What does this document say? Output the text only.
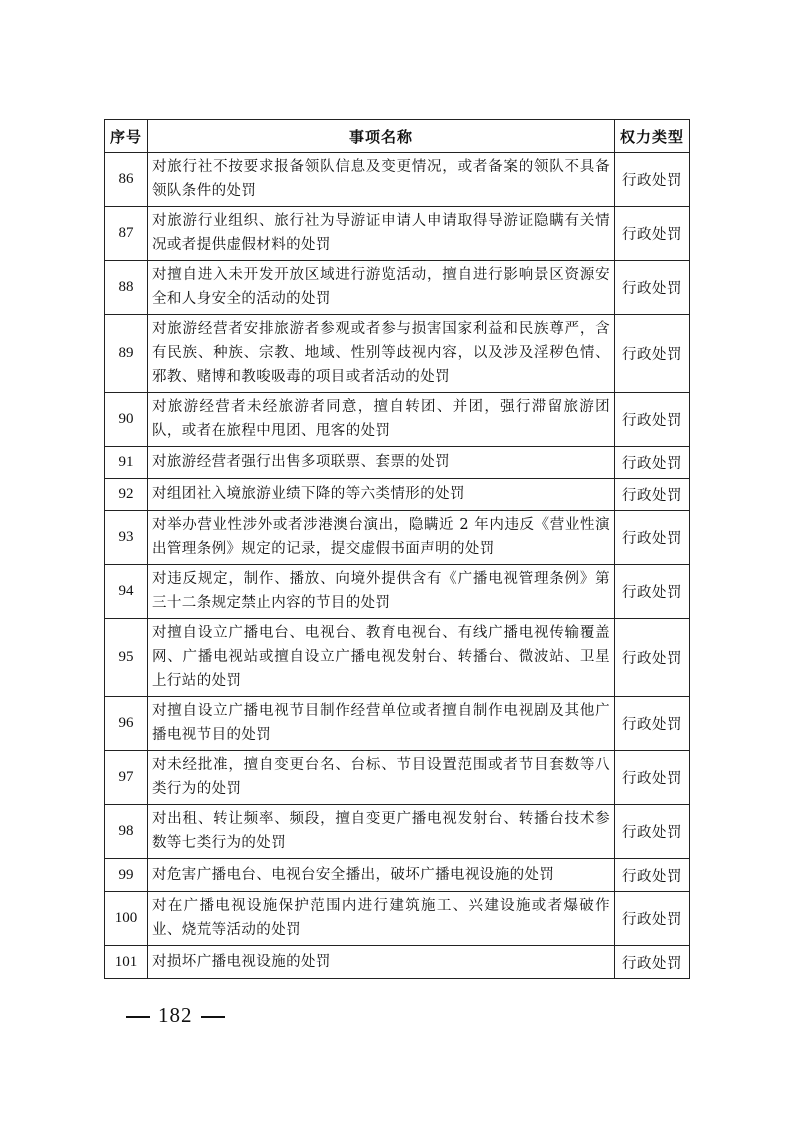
序号	事项名称	权力类型
86	对旅行社不按要求报备领队信息及变更情况，或者备案的领队不具备领队条件的处罚	行政处罚
87	对旅游行业组织、旅行社为导游证申请人申请取得导游证隐瞒有关情况或者提供虚假材料的处罚	行政处罚
88	对擅自进入未开发开放区域进行游览活动，擅自进行影响景区资源安全和人身安全的活动的处罚	行政处罚
89	对旅游经营者安排旅游者参观或者参与损害国家利益和民族尊严，含有民族、种族、宗教、地域、性别等歧视内容，以及涉及淫秽色情、邪教、赌博和教唆吸毒的项目或者活动的处罚	行政处罚
90	对旅游经营者未经旅游者同意，擅自转团、并团，强行滞留旅游团队，或者在旅程中甩团、甩客的处罚	行政处罚
91	对旅游经营者强行出售多项联票、套票的处罚	行政处罚
92	对组团社入境旅游业绩下降的等六类情形的处罚	行政处罚
93	对举办营业性涉外或者涉港澳台演出，隐瞒近 2 年内违反《营业性演出管理条例》规定的记录，提交虚假书面声明的处罚	行政处罚
94	对违反规定，制作、播放、向境外提供含有《广播电视管理条例》第三十二条规定禁止内容的节目的处罚	行政处罚
95	对擅自设立广播电台、电视台、教育电视台、有线广播电视传输覆盖网、广播电视站或擅自设立广播电视发射台、转播台、微波站、卫星上行站的处罚	行政处罚
96	对擅自设立广播电视节目制作经营单位或者擅自制作电视剧及其他广播电视节目的处罚	行政处罚
97	对未经批准，擅自变更台名、台标、节目设置范围或者节目套数等八类行为的处罚	行政处罚
98	对出租、转让频率、频段，擅自变更广播电视发射台、转播台技术参数等七类行为的处罚	行政处罚
99	对危害广播电台、电视台安全播出，破坏广播电视设施的处罚	行政处罚
100	对在广播电视设施保护范围内进行建筑施工、兴建设施或者爆破作业、烧荒等活动的处罚	行政处罚
101	对损坏广播电视设施的处罚	行政处罚
182
